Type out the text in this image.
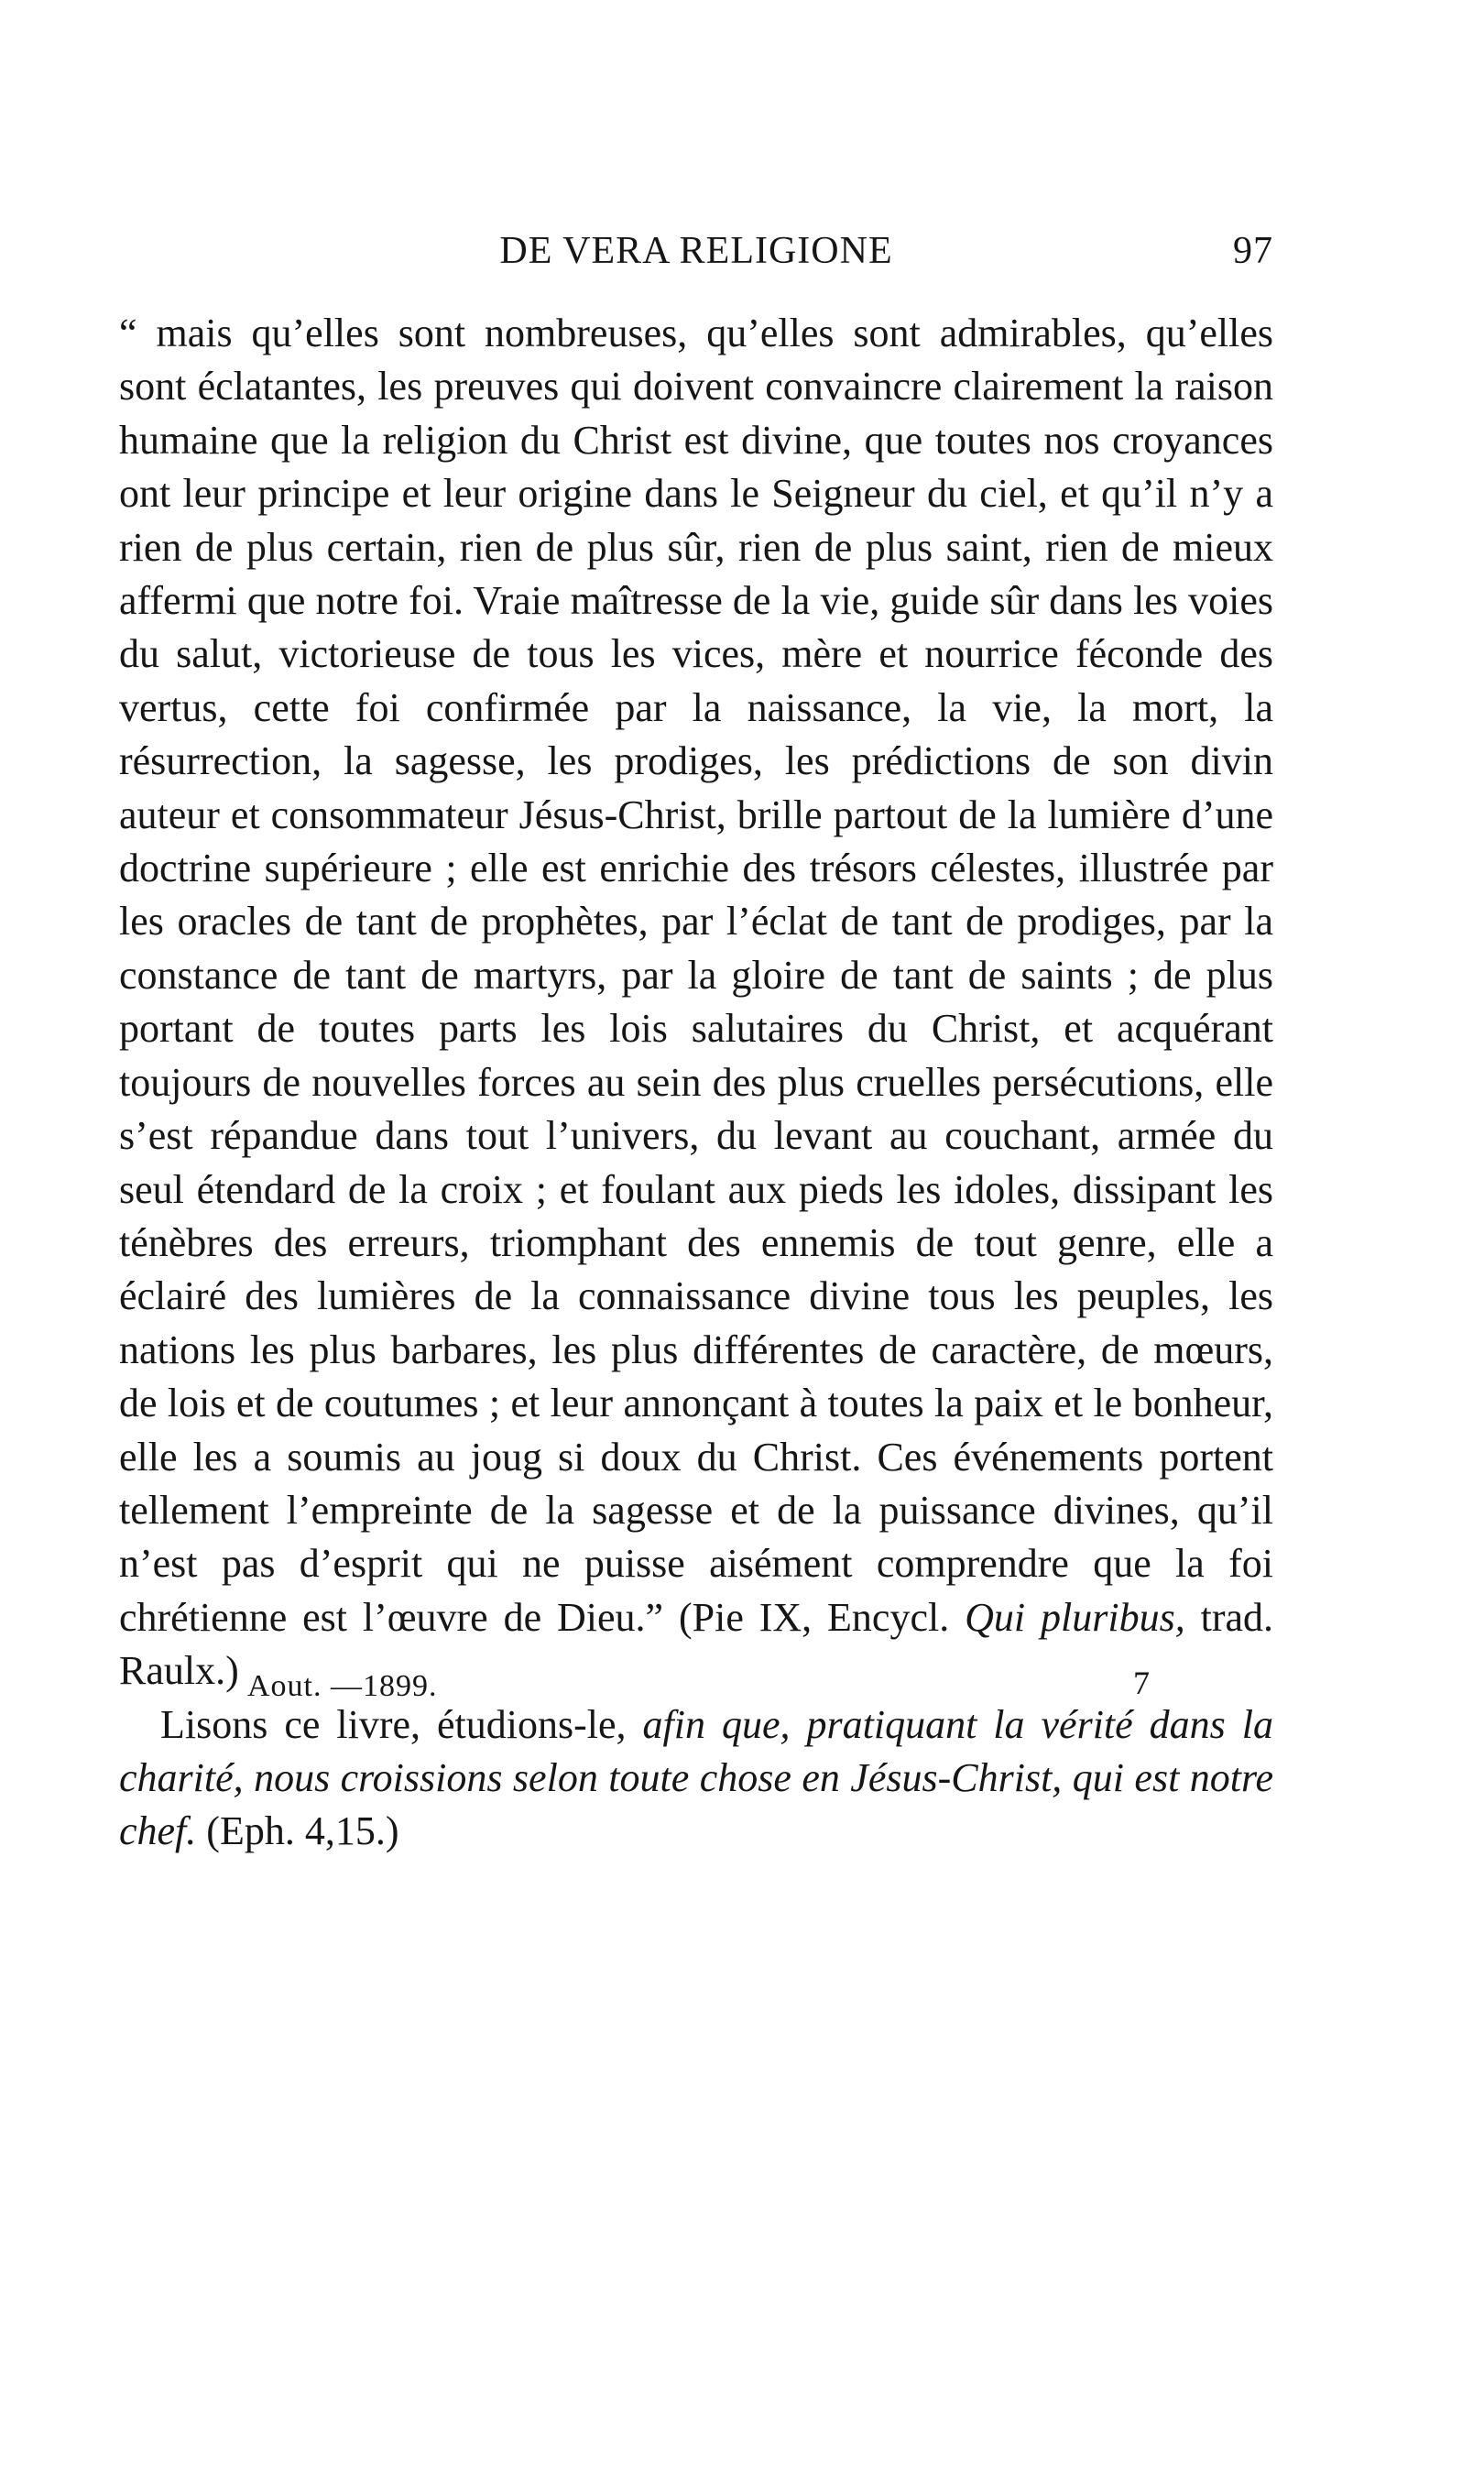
DE VERA RELIGIONE	97

“ mais qu’elles sont nombreuses, qu’elles sont admirables, qu’elles sont éclatantes, les preuves qui doivent convaincre clairement la raison humaine que la religion du Christ est divine, que toutes nos croyances ont leur principe et leur origine dans le Seigneur du ciel, et qu’il n’y a rien de plus certain, rien de plus sûr, rien de plus saint, rien de mieux affermi que notre foi. Vraie maîtresse de la vie, guide sûr dans les voies du salut, victorieuse de tous les vices, mère et nourrice féconde des vertus, cette foi confirmée par la naissance, la vie, la mort, la résurrection, la sagesse, les prodiges, les prédictions de son divin auteur et consommateur Jésus-Christ, brille partout de la lumière d’une doctrine supérieure ; elle est enrichie des trésors célestes, illustrée par les oracles de tant de prophètes, par l’éclat de tant de prodiges, par la constance de tant de martyrs, par la gloire de tant de saints ; de plus portant de toutes parts les lois salutaires du Christ, et acquérant toujours de nouvelles forces au sein des plus cruelles persécutions, elle s’est répandue dans tout l’univers, du levant au couchant, armée du seul étendard de la croix ; et foulant aux pieds les idoles, dissipant les ténèbres des erreurs, triomphant des ennemis de tout genre, elle a éclairé des lumières de la connaissance divine tous les peuples, les nations les plus barbares, les plus différentes de caractère, de mœurs, de lois et de coutumes ; et leur annonçant à toutes la paix et le bonheur, elle les a soumis au joug si doux du Christ. Ces événements portent tellement l’empreinte de la sagesse et de la puissance divines, qu’il n’est pas d’esprit qui ne puisse aisément comprendre que la foi chrétienne est l’œuvre de Dieu.” (Pie IX, Encycl. Qui pluribus, trad. Raulx.)

Lisons ce livre, étudions-le, afin que, pratiquant la vérité dans la charité, nous croissions selon toute chose en Jésus-Christ, qui est notre chef. (Eph. 4,15.)

Aout. —1899.	7
